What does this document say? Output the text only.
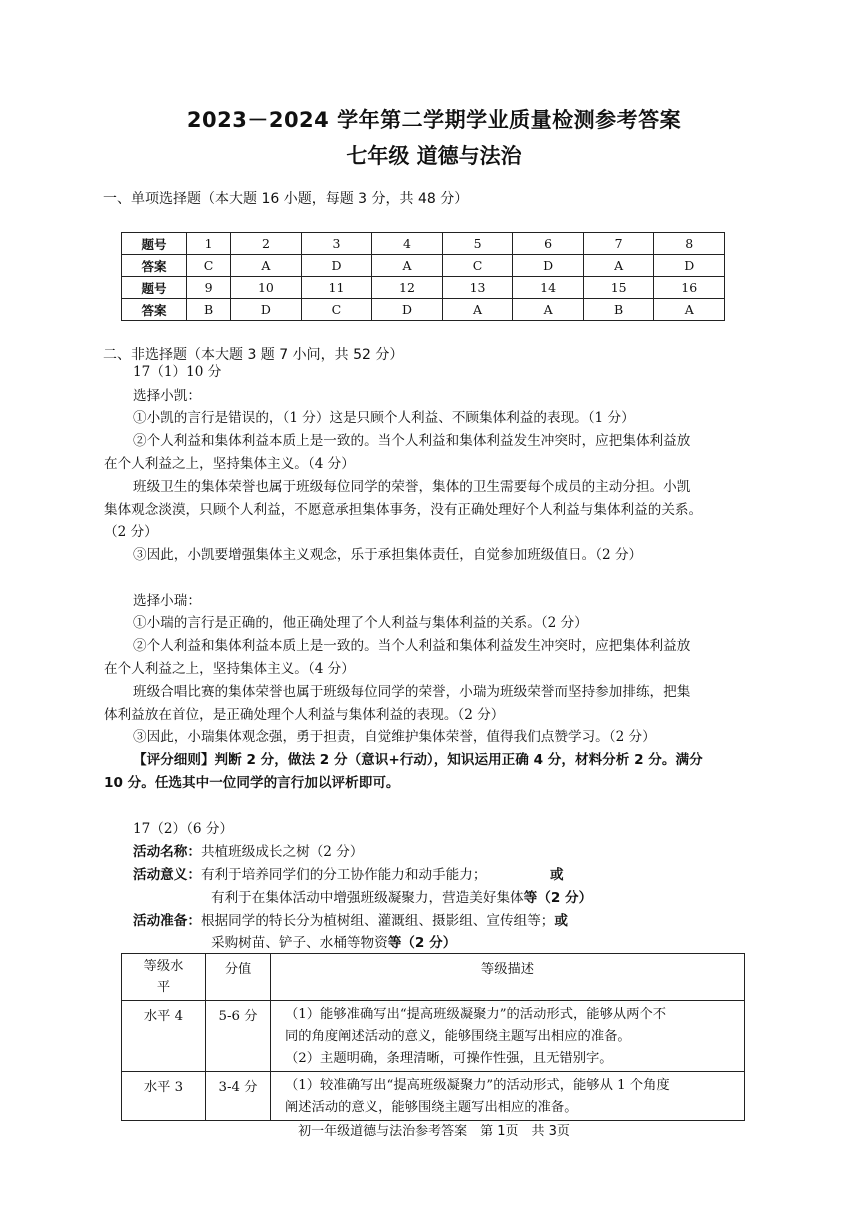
2023－2024 学年第二学期学业质量检测参考答案
七年级 道德与法治
一、单项选择题（本大题 16 小题，每题 3 分，共 48 分）
题号	1	2	3	4	5	6	7	8
答案	C	A	D	A	C	D	A	D
题号	9	10	11	12	13	14	15	16
答案	B	D	C	D	A	A	B	A
二、非选择题（本大题 3 题 7 小问，共 52 分）
17（1）10 分
选择小凯：
①小凯的言行是错误的，（1 分）这是只顾个人利益、不顾集体利益的表现。（1 分）
②个人利益和集体利益本质上是一致的。当个人利益和集体利益发生冲突时，应把集体利益放
在个人利益之上，坚持集体主义。（4 分）
班级卫生的集体荣誉也属于班级每位同学的荣誉，集体的卫生需要每个成员的主动分担。小凯
集体观念淡漠，只顾个人利益，不愿意承担集体事务，没有正确处理好个人利益与集体利益的关系。
（2 分）
③因此，小凯要增强集体主义观念，乐于承担集体责任，自觉参加班级值日。（2 分）
选择小瑞：
①小瑞的言行是正确的，他正确处理了个人利益与集体利益的关系。（2 分）
②个人利益和集体利益本质上是一致的。当个人利益和集体利益发生冲突时，应把集体利益放
在个人利益之上，坚持集体主义。（4 分）
班级合唱比赛的集体荣誉也属于班级每位同学的荣誉，小瑞为班级荣誉而坚持参加排练，把集
体利益放在首位，是正确处理个人利益与集体利益的表现。（2 分）
③因此，小瑞集体观念强，勇于担责，自觉维护集体荣誉，值得我们点赞学习。（2 分）
【评分细则】判断 2 分，做法 2 分（意识+行动），知识运用正确 4 分，材料分析 2 分。满分
10 分。任选其中一位同学的言行加以评析即可。
17（2）（6 分）
活动名称：共植班级成长之树（2 分）
活动意义：有利于培养同学们的分工协作能力和动手能力；	或
有利于在集体活动中增强班级凝聚力，营造美好集体等（2 分）
活动准备：根据同学的特长分为植树组、灌溉组、摄影组、宣传组等；或
采购树苗、铲子、水桶等物资等（2 分）
等级水
平	分值	等级描述
水平 4	5-6 分	（1）能够准确写出“提高班级凝聚力”的活动形式，能够从两个不
同的角度阐述活动的意义，能够围绕主题写出相应的准备。
（2）主题明确，条理清晰，可操作性强，且无错别字。

水平 3	3-4 分	（1）较准确写出“提高班级凝聚力”的活动形式，能够从 1 个角度
阐述活动的意义，能够围绕主题写出相应的准备。
初一年级道德与法治参考答案　第 1页　共 3页
